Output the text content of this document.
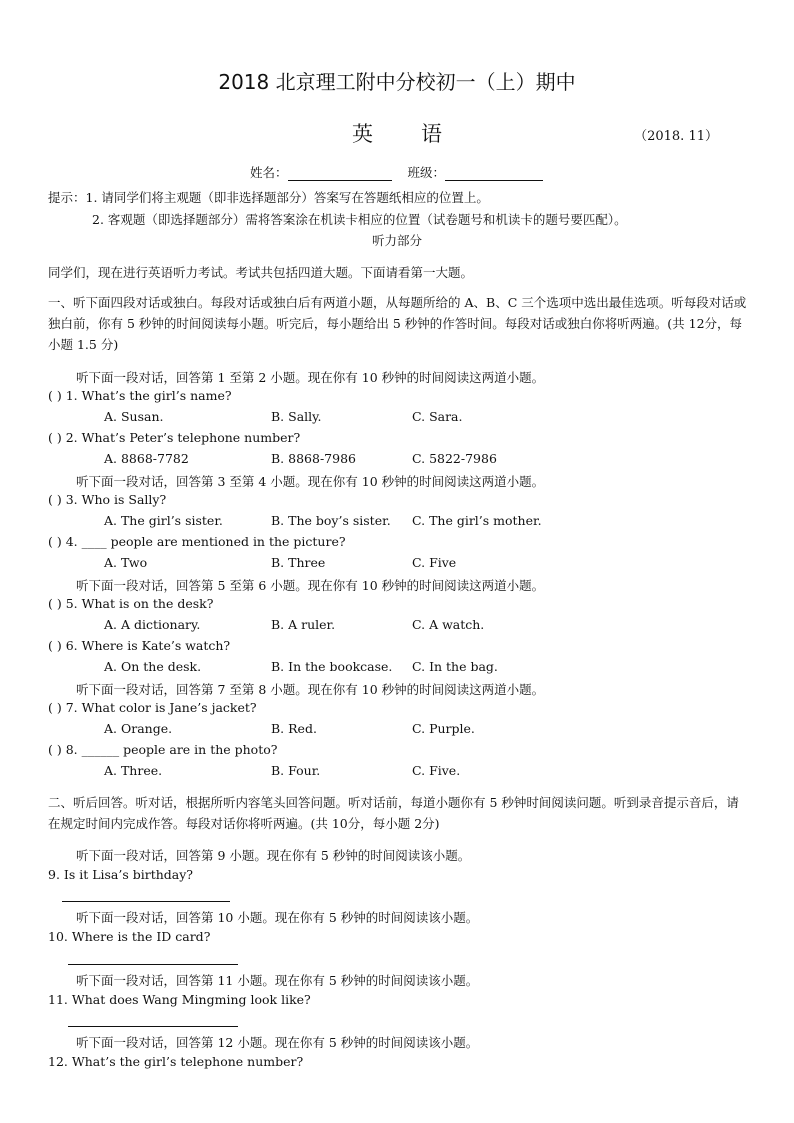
2018 北京理工附中分校初一（上）期中
英 语	（2018. 11）
姓名：	班级：
提示：1. 请同学们将主观题（即非选择题部分）答案写在答题纸相应的位置上。
2. 客观题（即选择题部分）需将答案涂在机读卡相应的位置（试卷题号和机读卡的题号要匹配）。
听力部分
同学们，现在进行英语听力考试。考试共包括四道大题。下面请看第一大题。
一、听下面四段对话或独白。每段对话或独白后有两道小题，从每题所给的 A、B、C 三个选项中选出最佳选项。听每段对话或独白前，你有 5 秒钟的时间阅读每小题。听完后，每小题给出 5 秒钟的作答时间。每段对话或独白你将听两遍。(共 12分，每小题 1.5 分)
听下面一段对话，回答第 1 至第 2 小题。现在你有 10 秒钟的时间阅读这两道小题。
( ) 1. What’s the girl’s name?
A. Susan.	B. Sally.	C. Sara.
( ) 2. What’s Peter’s telephone number?
A. 8868-7782	B. 8868-7986	C. 5822-7986
听下面一段对话，回答第 3 至第 4 小题。现在你有 10 秒钟的时间阅读这两道小题。
( ) 3. Who is Sally?
A. The girl’s sister.	B. The boy’s sister. C. The girl’s mother.
( ) 4. ____ people are mentioned in the picture?
A. Two	B. Three	C. Five
听下面一段对话，回答第 5 至第 6 小题。现在你有 10 秒钟的时间阅读这两道小题。
( ) 5. What is on the desk?
A. A dictionary.	B. A ruler.	C. A watch.
( ) 6. Where is Kate’s watch?
A. On the desk.	B. In the bookcase. C. In the bag.
听下面一段对话，回答第 7 至第 8 小题。现在你有 10 秒钟的时间阅读这两道小题。
( ) 7. What color is Jane’s jacket?
A. Orange.	B. Red.	C. Purple.
( ) 8. ______ people are in the photo?
A. Three.	B. Four.	C. Five.
二、听后回答。听对话，根据所听内容笔头回答问题。听对话前，每道小题你有 5 秒钟时间阅读问题。听到录音提示音后，请在规定时间内完成作答。每段对话你将听两遍。(共 10分，每小题 2分)
听下面一段对话，回答第 9 小题。现在你有 5 秒钟的时间阅读该小题。
9. Is it Lisa’s birthday?
听下面一段对话，回答第 10 小题。现在你有 5 秒钟的时间阅读该小题。
10. Where is the ID card?
听下面一段对话，回答第 11 小题。现在你有 5 秒钟的时间阅读该小题。
11. What does Wang Mingming look like?
听下面一段对话，回答第 12 小题。现在你有 5 秒钟的时间阅读该小题。
12. What’s the girl’s telephone number?
